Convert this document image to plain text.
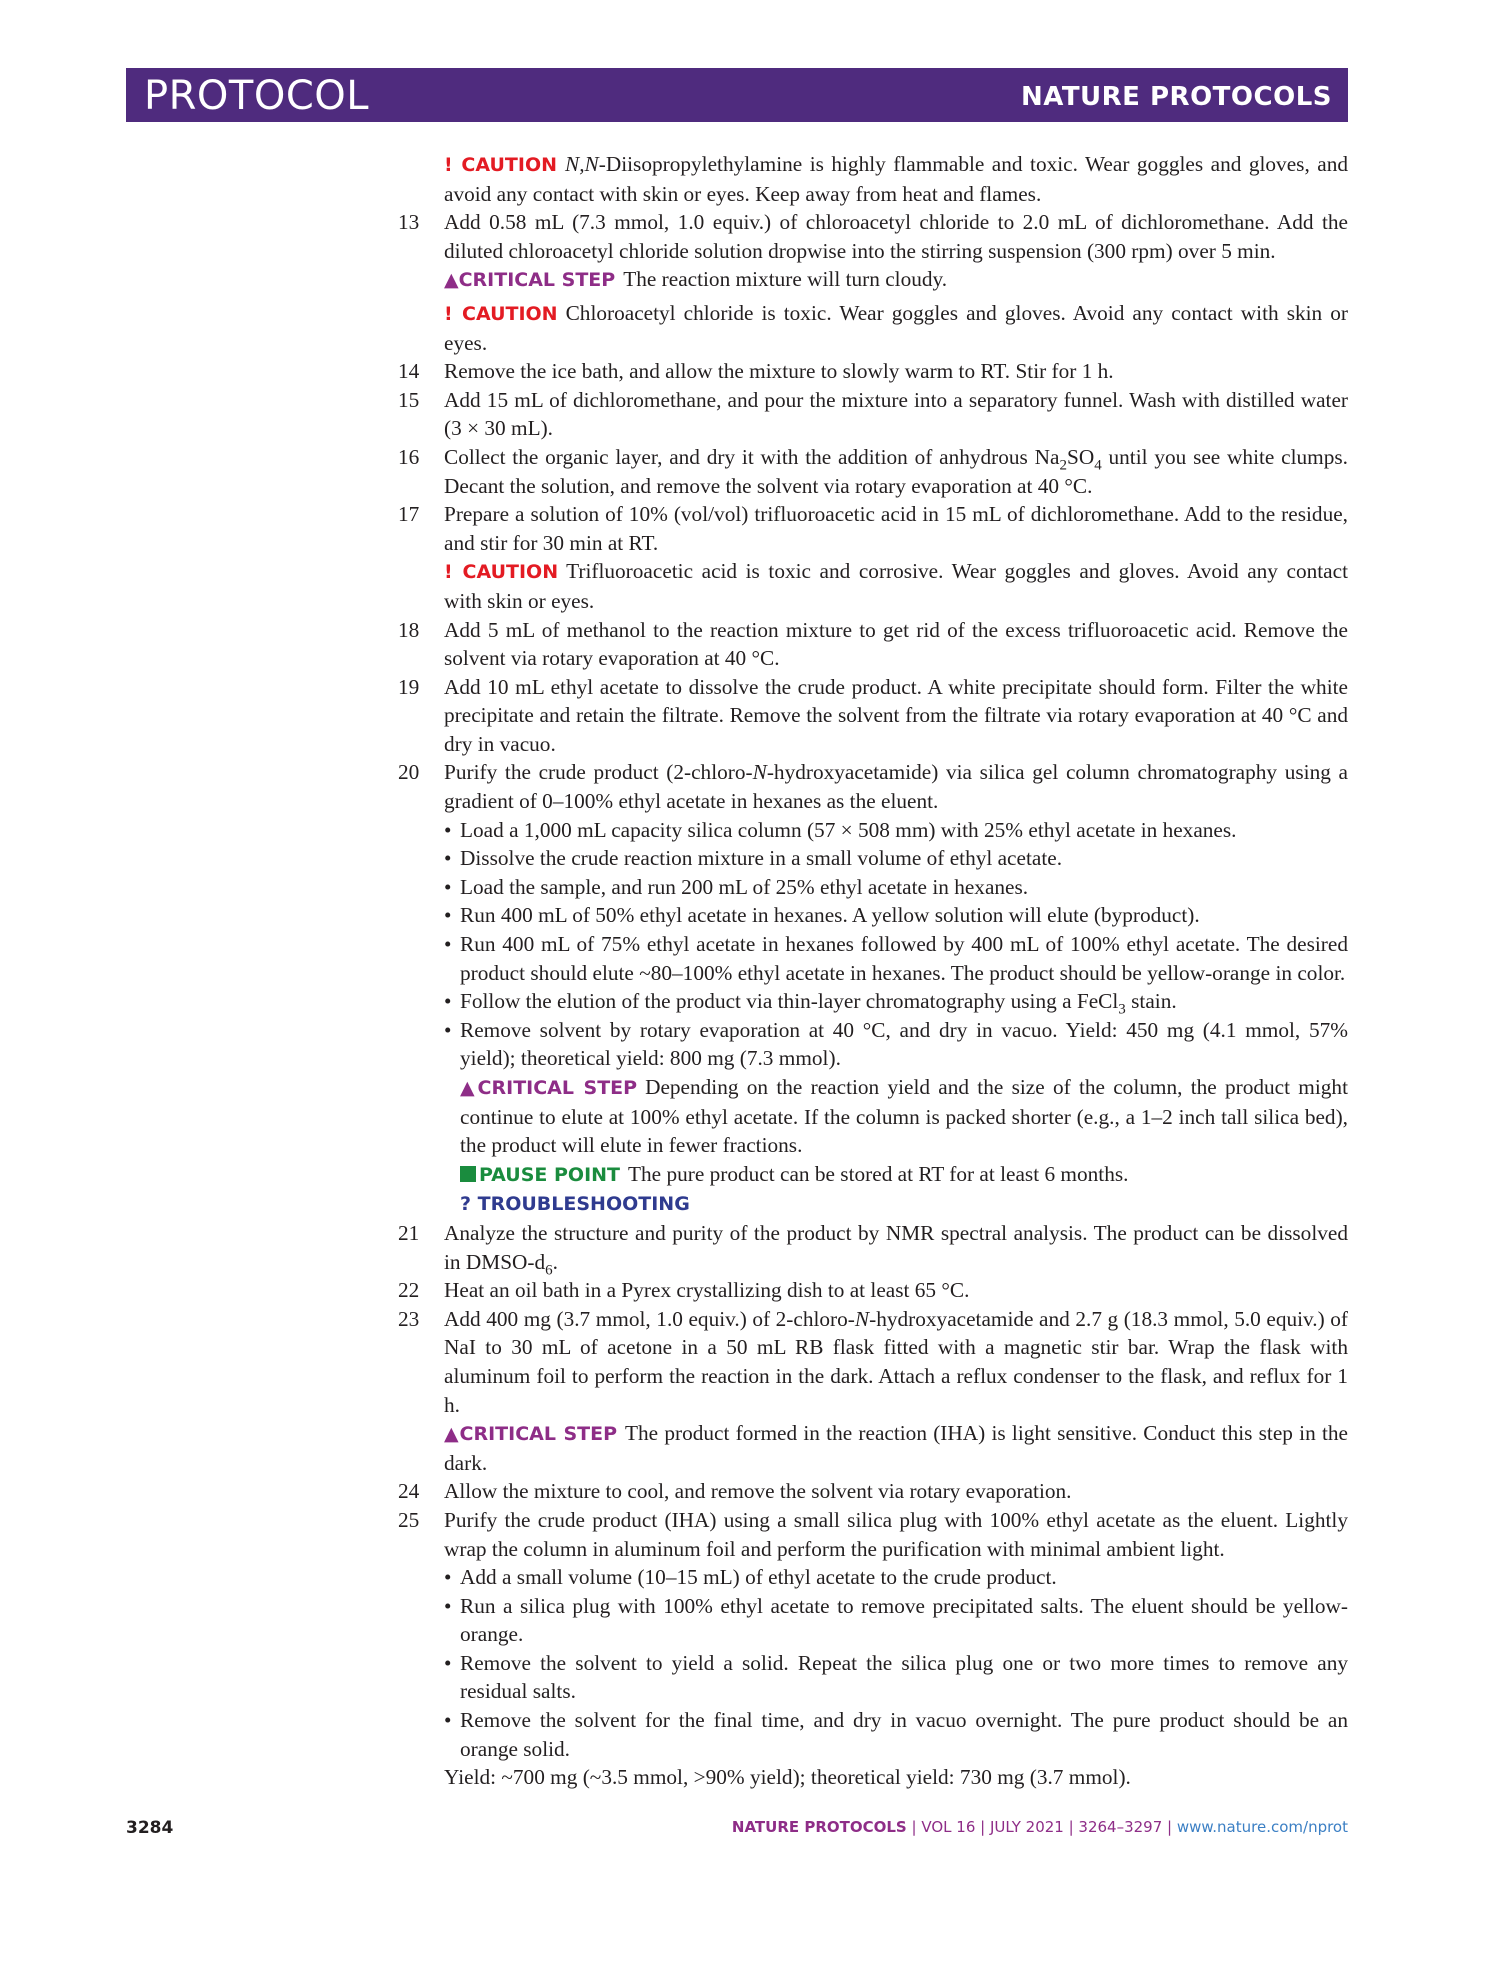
PROTOCOL	NATURE PROTOCOLS

! CAUTION N,N-Diisopropylethylamine is highly flammable and toxic. Wear goggles and gloves, and avoid any contact with skin or eyes. Keep away from heat and flames.

13	Add 0.58 mL (7.3 mmol, 1.0 equiv.) of chloroacetyl chloride to 2.0 mL of dichloromethane. Add the diluted chloroacetyl chloride solution dropwise into the stirring suspension (300 rpm) over 5 min.

▲CRITICAL STEP The reaction mixture will turn cloudy.

! CAUTION Chloroacetyl chloride is toxic. Wear goggles and gloves. Avoid any contact with skin or eyes.

14	Remove the ice bath, and allow the mixture to slowly warm to RT. Stir for 1 h.

15	Add 15 mL of dichloromethane, and pour the mixture into a separatory funnel. Wash with distilled water (3 × 30 mL).

16	Collect the organic layer, and dry it with the addition of anhydrous $Na_2SO_4$ until you see white clumps. Decant the solution, and remove the solvent via rotary evaporation at 40 °C.

17	Prepare a solution of 10% (vol/vol) trifluoroacetic acid in 15 mL of dichloromethane. Add to the residue, and stir for 30 min at RT.

! CAUTION Trifluoroacetic acid is toxic and corrosive. Wear goggles and gloves. Avoid any contact with skin or eyes.

18	Add 5 mL of methanol to the reaction mixture to get rid of the excess trifluoroacetic acid. Remove the solvent via rotary evaporation at 40 °C.

19	Add 10 mL ethyl acetate to dissolve the crude product. A white precipitate should form. Filter the white precipitate and retain the filtrate. Remove the solvent from the filtrate via rotary evaporation at 40 °C and dry in vacuo.

20	Purify the crude product (2-chloro-N-hydroxyacetamide) via silica gel column chromatography using a gradient of 0–100% ethyl acetate in hexanes as the eluent.

• Load a 1,000 mL capacity silica column (57 × 508 mm) with 25% ethyl acetate in hexanes.
• Dissolve the crude reaction mixture in a small volume of ethyl acetate.
• Load the sample, and run 200 mL of 25% ethyl acetate in hexanes.
• Run 400 mL of 50% ethyl acetate in hexanes. A yellow solution will elute (byproduct).
• Run 400 mL of 75% ethyl acetate in hexanes followed by 400 mL of 100% ethyl acetate. The desired product should elute ~80–100% ethyl acetate in hexanes. The product should be yellow-orange in color.
• Follow the elution of the product via thin-layer chromatography using a FeCl$_3$ stain.
• Remove solvent by rotary evaporation at 40 °C, and dry in vacuo. Yield: 450 mg (4.1 mmol, 57% yield); theoretical yield: 800 mg (7.3 mmol).

▲CRITICAL STEP Depending on the reaction yield and the size of the column, the product might continue to elute at 100% ethyl acetate. If the column is packed shorter (e.g., a 1–2 inch tall silica bed), the product will elute in fewer fractions.

PAUSE POINT The pure product can be stored at RT for at least 6 months.

? TROUBLESHOOTING

21	Analyze the structure and purity of the product by NMR spectral analysis. The product can be dissolved in DMSO-$d_6$.

22	Heat an oil bath in a Pyrex crystallizing dish to at least 65 °C.

23	Add 400 mg (3.7 mmol, 1.0 equiv.) of 2-chloro-N-hydroxyacetamide and 2.7 g (18.3 mmol, 5.0 equiv.) of NaI to 30 mL of acetone in a 50 mL RB flask fitted with a magnetic stir bar. Wrap the flask with aluminum foil to perform the reaction in the dark. Attach a reflux condenser to the flask, and reflux for 1 h.

▲CRITICAL STEP The product formed in the reaction (IHA) is light sensitive. Conduct this step in the dark.

24	Allow the mixture to cool, and remove the solvent via rotary evaporation.

25	Purify the crude product (IHA) using a small silica plug with 100% ethyl acetate as the eluent. Lightly wrap the column in aluminum foil and perform the purification with minimal ambient light.

• Add a small volume (10–15 mL) of ethyl acetate to the crude product.
• Run a silica plug with 100% ethyl acetate to remove precipitated salts. The eluent should be yellow-orange.
• Remove the solvent to yield a solid. Repeat the silica plug one or two more times to remove any residual salts.
• Remove the solvent for the final time, and dry in vacuo overnight. The pure product should be an orange solid.

Yield: ~700 mg (~3.5 mmol, >90% yield); theoretical yield: 730 mg (3.7 mmol).

3284	NATURE PROTOCOLS | VOL 16 | JULY 2021 | 3264–3297 | www.nature.com/nprot
